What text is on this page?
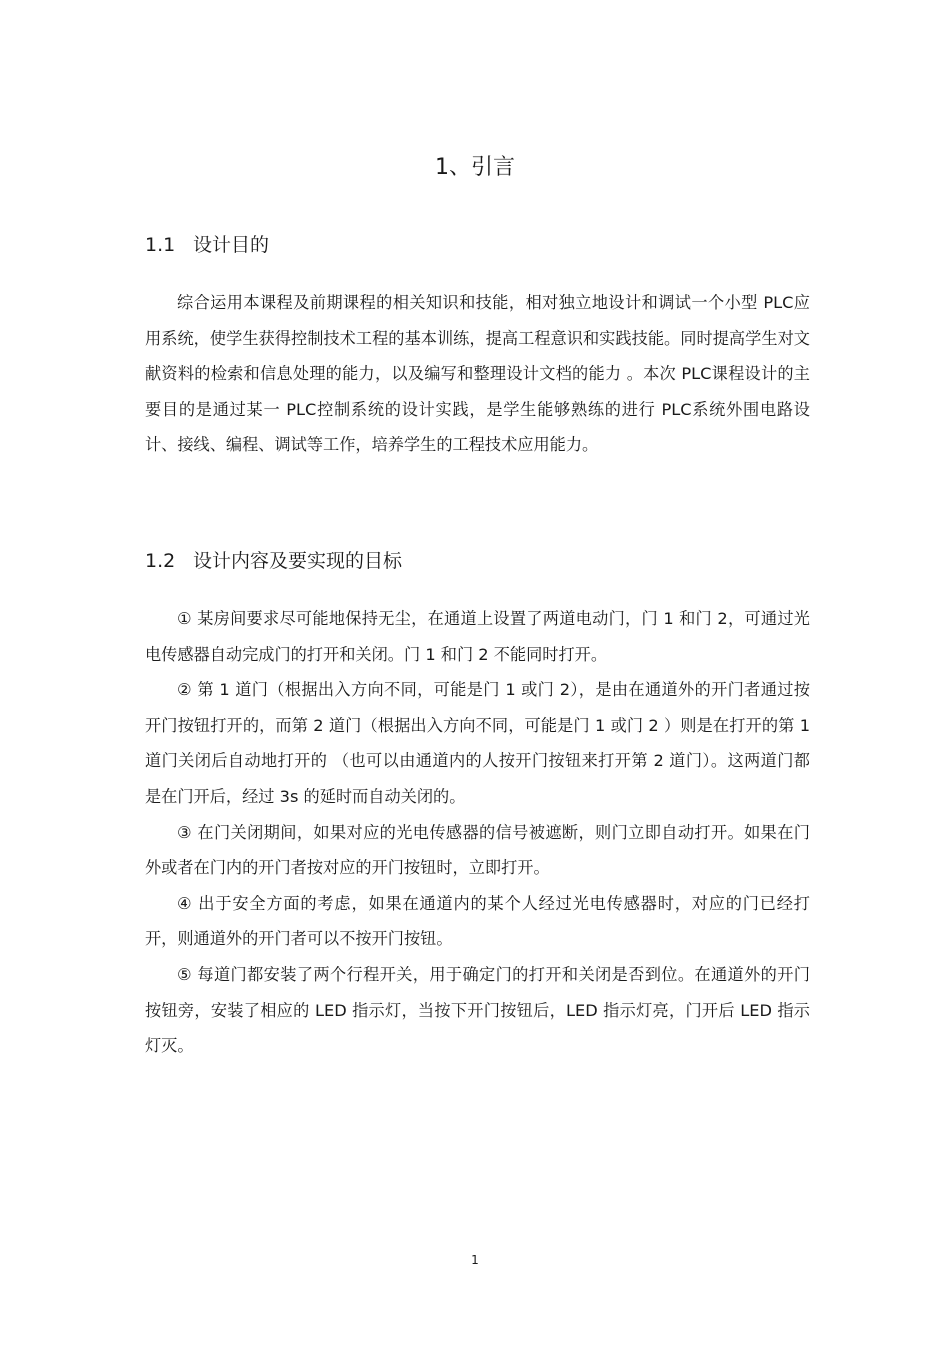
1、引言
1.1 设计目的

综合运用本课程及前期课程的相关知识和技能，相对独立地设计和调试一个小型 PLC应用系统，使学生获得控制技术工程的基本训练，提高工程意识和实践技能。同时提高学生对文献资料的检索和信息处理的能力，以及编写和整理设计文档的能力 。本次 PLC课程设计的主要目的是通过某一 PLC控制系统的设计实践，是学生能够熟练的进行 PLC系统外围电路设计、接线、编程、调试等工作，培养学生的工程技术应用能力。

1.2 设计内容及要实现的目标
① 某房间要求尽可能地保持无尘，在通道上设置了两道电动门，门 1 和门 2，可通过光电传感器自动完成门的打开和关闭。门 1 和门 2 不能同时打开。
② 第 1 道门（根据出入方向不同，可能是门 1 或门 2），是由在通道外的开门者通过按开门按钮打开的，而第 2 道门（根据出入方向不同，可能是门 1 或门 2 ）则是在打开的第 1 道门关闭后自动地打开的 （也可以由通道内的人按开门按钮来打开第 2 道门）。这两道门都是在门开后，经过 3s 的延时而自动关闭的。
③ 在门关闭期间，如果对应的光电传感器的信号被遮断，则门立即自动打开。如果在门外或者在门内的开门者按对应的开门按钮时，立即打开。
④ 出于安全方面的考虑，如果在通道内的某个人经过光电传感器时，对应的门已经打开，则通道外的开门者可以不按开门按钮。
⑤ 每道门都安装了两个行程开关，用于确定门的打开和关闭是否到位。在通道外的开门按钮旁，安装了相应的 LED 指示灯，当按下开门按钮后，LED 指示灯亮，门开后 LED 指示灯灭。
1
